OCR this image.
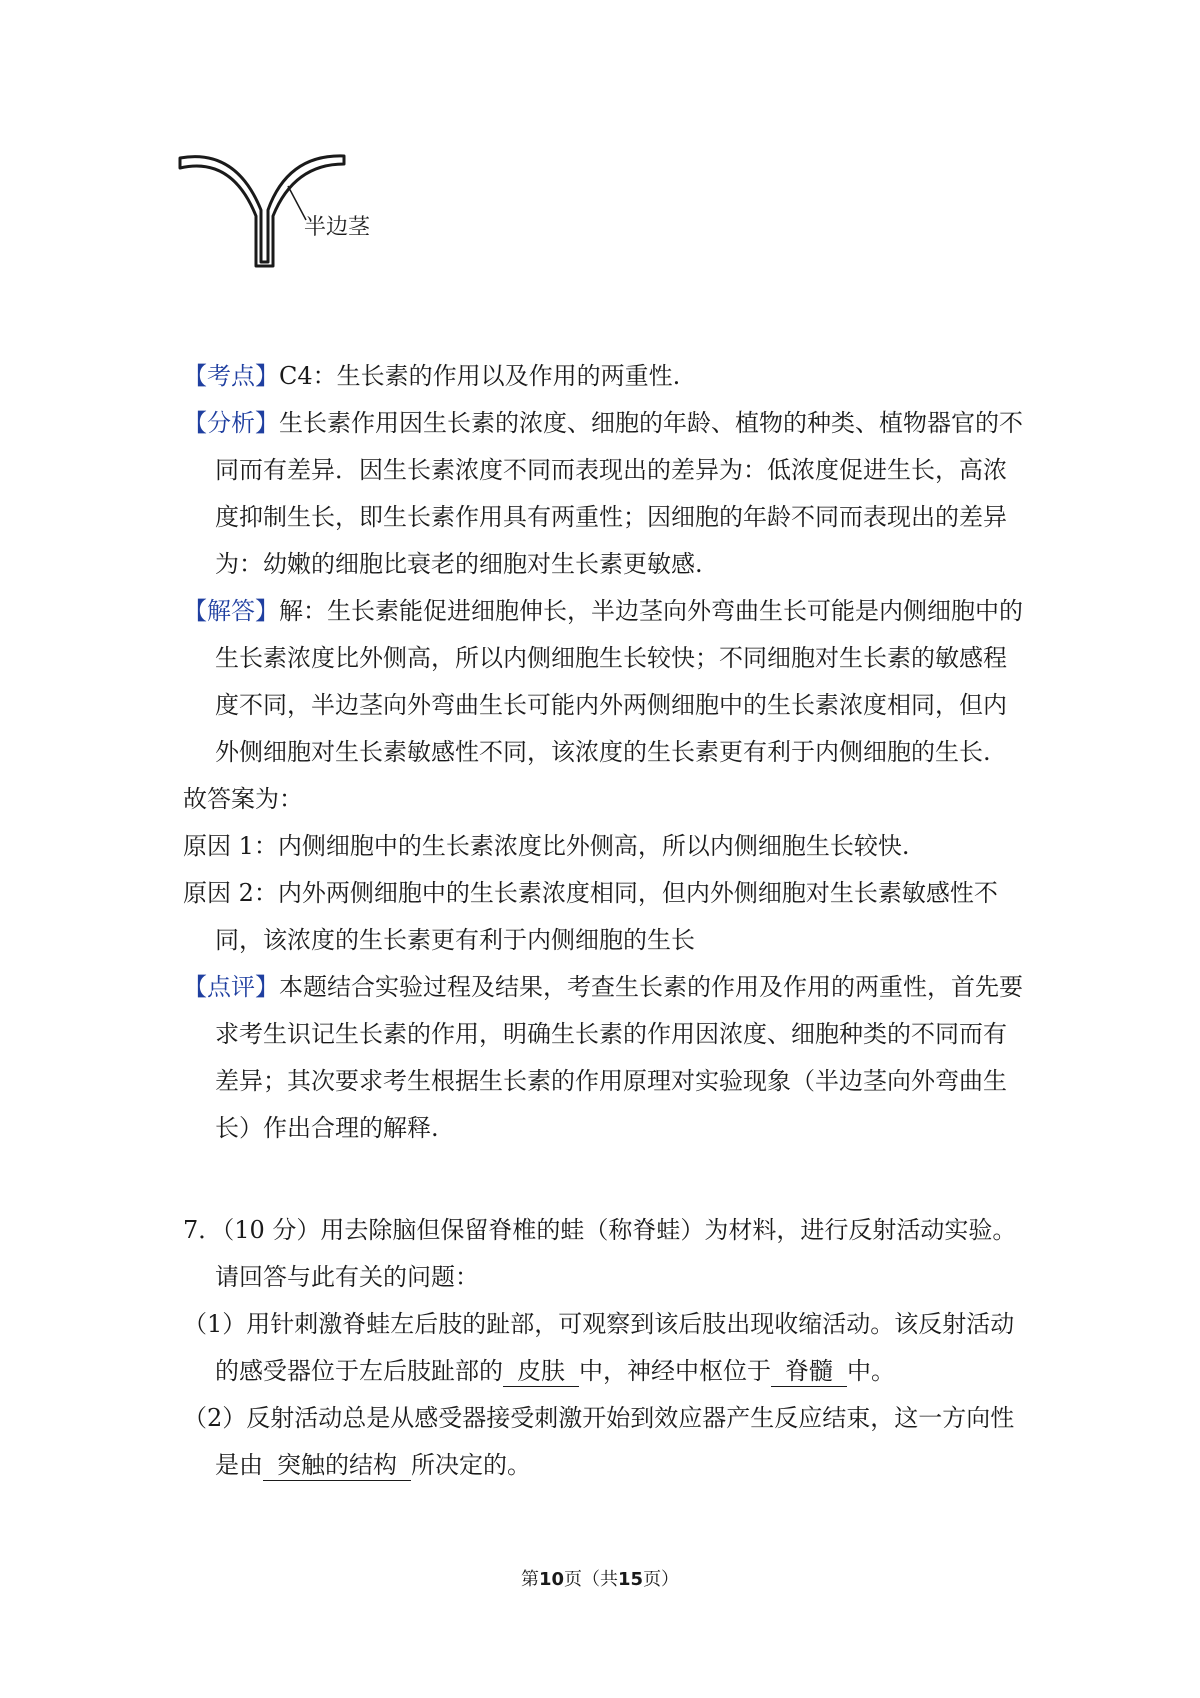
半边茎

【考点】C4：生长素的作用以及作用的两重性.

【分析】生长素作用因生长素的浓度、细胞的年龄、植物的种类、植物器官的不同而有差异．因生长素浓度不同而表现出的差异为：低浓度促进生长，高浓度抑制生长，即生长素作用具有两重性；因细胞的年龄不同而表现出的差异为：幼嫩的细胞比衰老的细胞对生长素更敏感.

【解答】解：生长素能促进细胞伸长，半边茎向外弯曲生长可能是内侧细胞中的生长素浓度比外侧高，所以内侧细胞生长较快；不同细胞对生长素的敏感程度不同，半边茎向外弯曲生长可能内外两侧细胞中的生长素浓度相同，但内外侧细胞对生长素敏感性不同，该浓度的生长素更有利于内侧细胞的生长.

故答案为：

原因 1：内侧细胞中的生长素浓度比外侧高，所以内侧细胞生长较快.

原因 2：内外两侧细胞中的生长素浓度相同，但内外侧细胞对生长素敏感性不同，该浓度的生长素更有利于内侧细胞的生长

【点评】本题结合实验过程及结果，考查生长素的作用及作用的两重性，首先要求考生识记生长素的作用，明确生长素的作用因浓度、细胞种类的不同而有差异；其次要求考生根据生长素的作用原理对实验现象（半边茎向外弯曲生长）作出合理的解释.

7．（10 分）用去除脑但保留脊椎的蛙（称脊蛙）为材料，进行反射活动实验。请回答与此有关的问题：

（1）用针刺激脊蛙左后肢的趾部，可观察到该后肢出现收缩活动。该反射活动的感受器位于左后肢趾部的 皮肤 中，神经中枢位于 脊髓 中。

（2）反射活动总是从感受器接受刺激开始到效应器产生反应结束，这一方向性是由 突触的结构 所决定的。

第10页（共15页）
